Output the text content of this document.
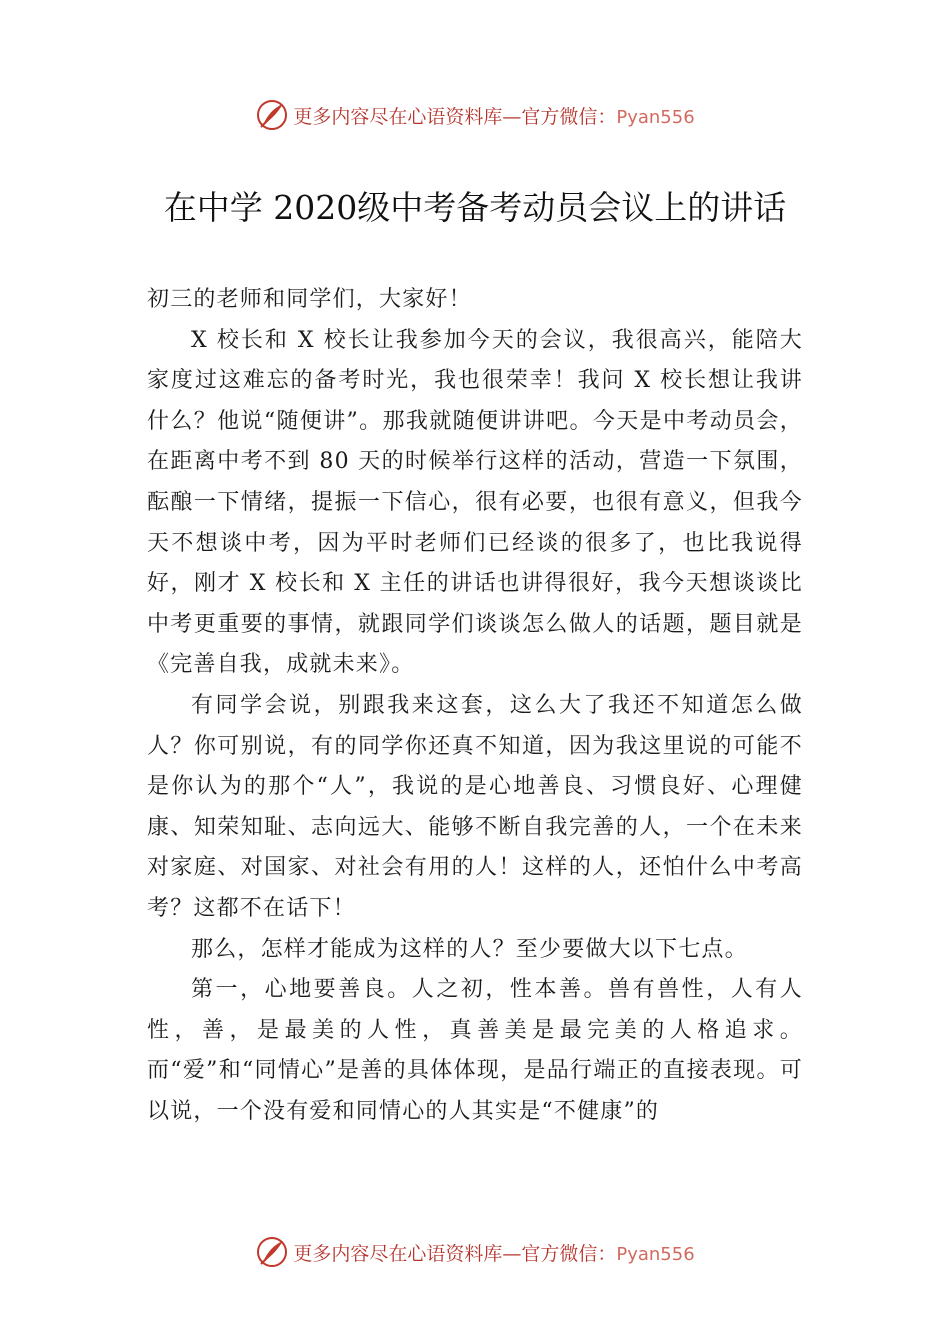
更多内容尽在心语资料库—官方微信：Pyan556
在中学 2020级中考备考动员会议上的讲话

初三的老师和同学们，大家好！

X 校长和 X 校长让我参加今天的会议，我很高兴，能陪大家度过这难忘的备考时光，我也很荣幸！我问 X 校长想让我讲什么？他说“随便讲”。那我就随便讲讲吧。今天是中考动员会，在距离中考不到 80 天的时候举行这样的活动，营造一下氛围，酝酿一下情绪，提振一下信心，很有必要，也很有意义，但我今天不想谈中考，因为平时老师们已经谈的很多了，也比我说得好，刚才 X 校长和 X 主任的讲话也讲得很好，我今天想谈谈比中考更重要的事情，就跟同学们谈谈怎么做人的话题，题目就是《完善自我，成就未来》。

有同学会说，别跟我来这套，这么大了我还不知道怎么做人？你可别说，有的同学你还真不知道，因为我这里说的可能不是你认为的那个“人”，我说的是心地善良、习惯良好、心理健康、知荣知耻、志向远大、能够不断自我完善的人，一个在未来对家庭、对国家、对社会有用的人！这样的人，还怕什么中考高考？这都不在话下！

那么，怎样才能成为这样的人？至少要做大以下七点。

第一，心地要善良。人之初，性本善。兽有兽性，人有人性，善，是最美的人性，真善美是最完美的人格追求。而“爱”和“同情心”是善的具体体现，是品行端正的直接表现。可以说，一个没有爱和同情心的人其实是“不健康”的

更多内容尽在心语资料库—官方微信：Pyan556
